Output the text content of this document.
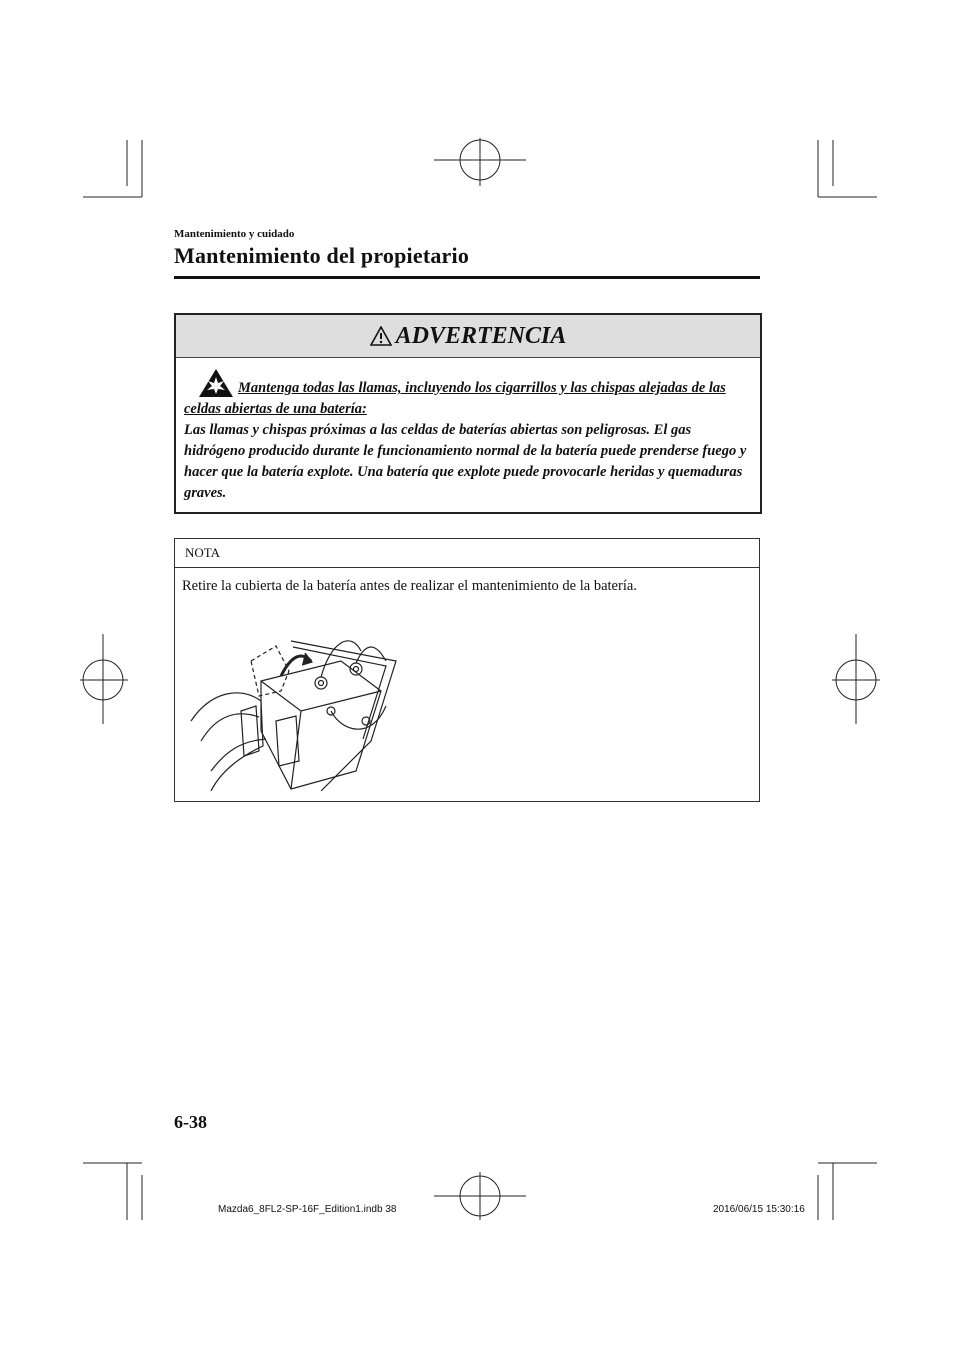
Mantenimiento y cuidado
Mantenimiento del propietario
ADVERTENCIA
Mantenga todas las llamas, incluyendo los cigarrillos y las chispas alejadas de las celdas abiertas de una batería:
Las llamas y chispas próximas a las celdas de baterías abiertas son peligrosas. El gas hidrógeno producido durante le funcionamiento normal de la batería puede prenderse fuego y hacer que la batería explote. Una batería que explote puede provocarle heridas y quemaduras graves.
NOTA
Retire la cubierta de la batería antes de realizar el mantenimiento de la batería.
6-38
Mazda6_8FL2-SP-16F_Edition1.indb 38	2016/06/15 15:30:16
